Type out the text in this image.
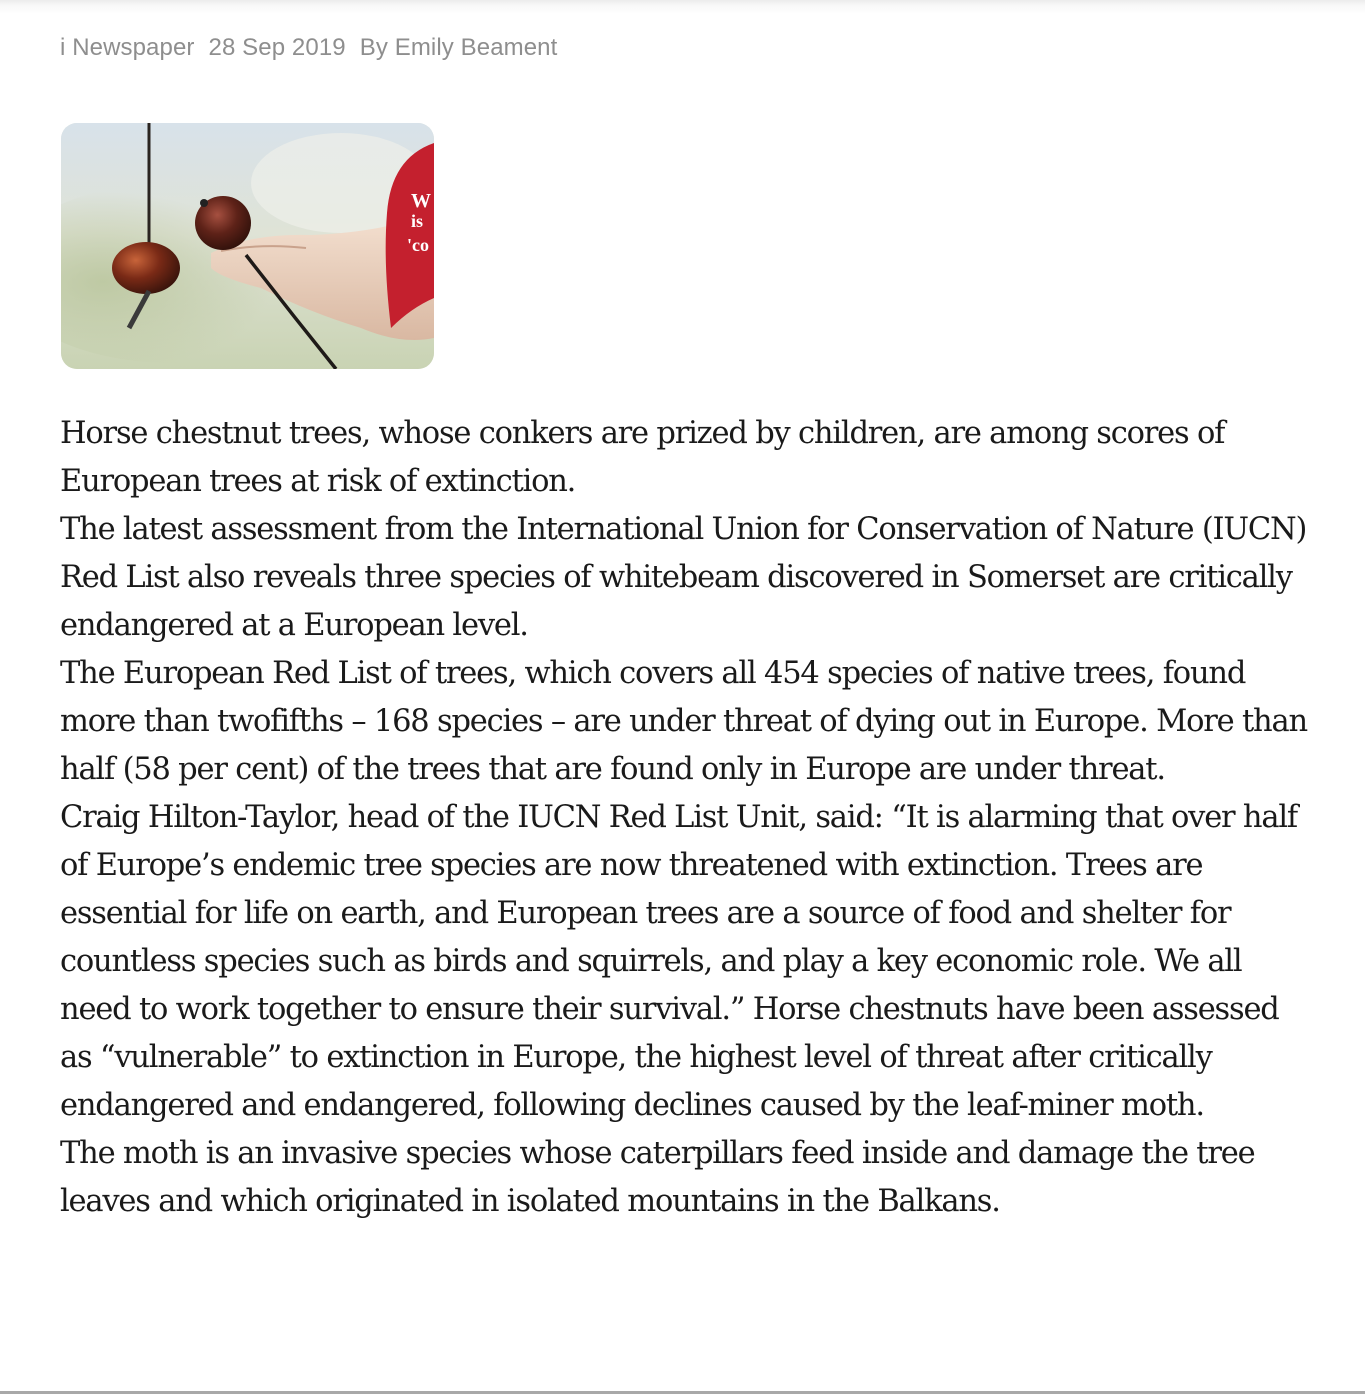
i Newspaper 28 Sep 2019 By Emily Beament
W
is
'co

Horse chestnut trees, whose conkers are prized by children, are among scores of European trees at risk of extinction.

The latest assessment from the International Union for Conservation of Nature (IUCN) Red List also reveals three species of whitebeam discovered in Somerset are critically endangered at a European level.

The European Red List of trees, which covers all 454 species of native trees, found more than twofifths – 168 species – are under threat of dying out in Europe. More than half (58 per cent) of the trees that are found only in Europe are under threat.

Craig Hilton-Taylor, head of the IUCN Red List Unit, said: “It is alarming that over half of Europe’s endemic tree species are now threatened with extinction. Trees are essential for life on earth, and European trees are a source of food and shelter for countless species such as birds and squirrels, and play a key economic role. We all need to work together to ensure their survival.” Horse chestnuts have been assessed as “vulnerable” to extinction in Europe, the highest level of threat after critically endangered and endangered, following declines caused by the leaf-miner moth.

The moth is an invasive species whose caterpillars feed inside and damage the tree leaves and which originated in isolated mountains in the Balkans.
